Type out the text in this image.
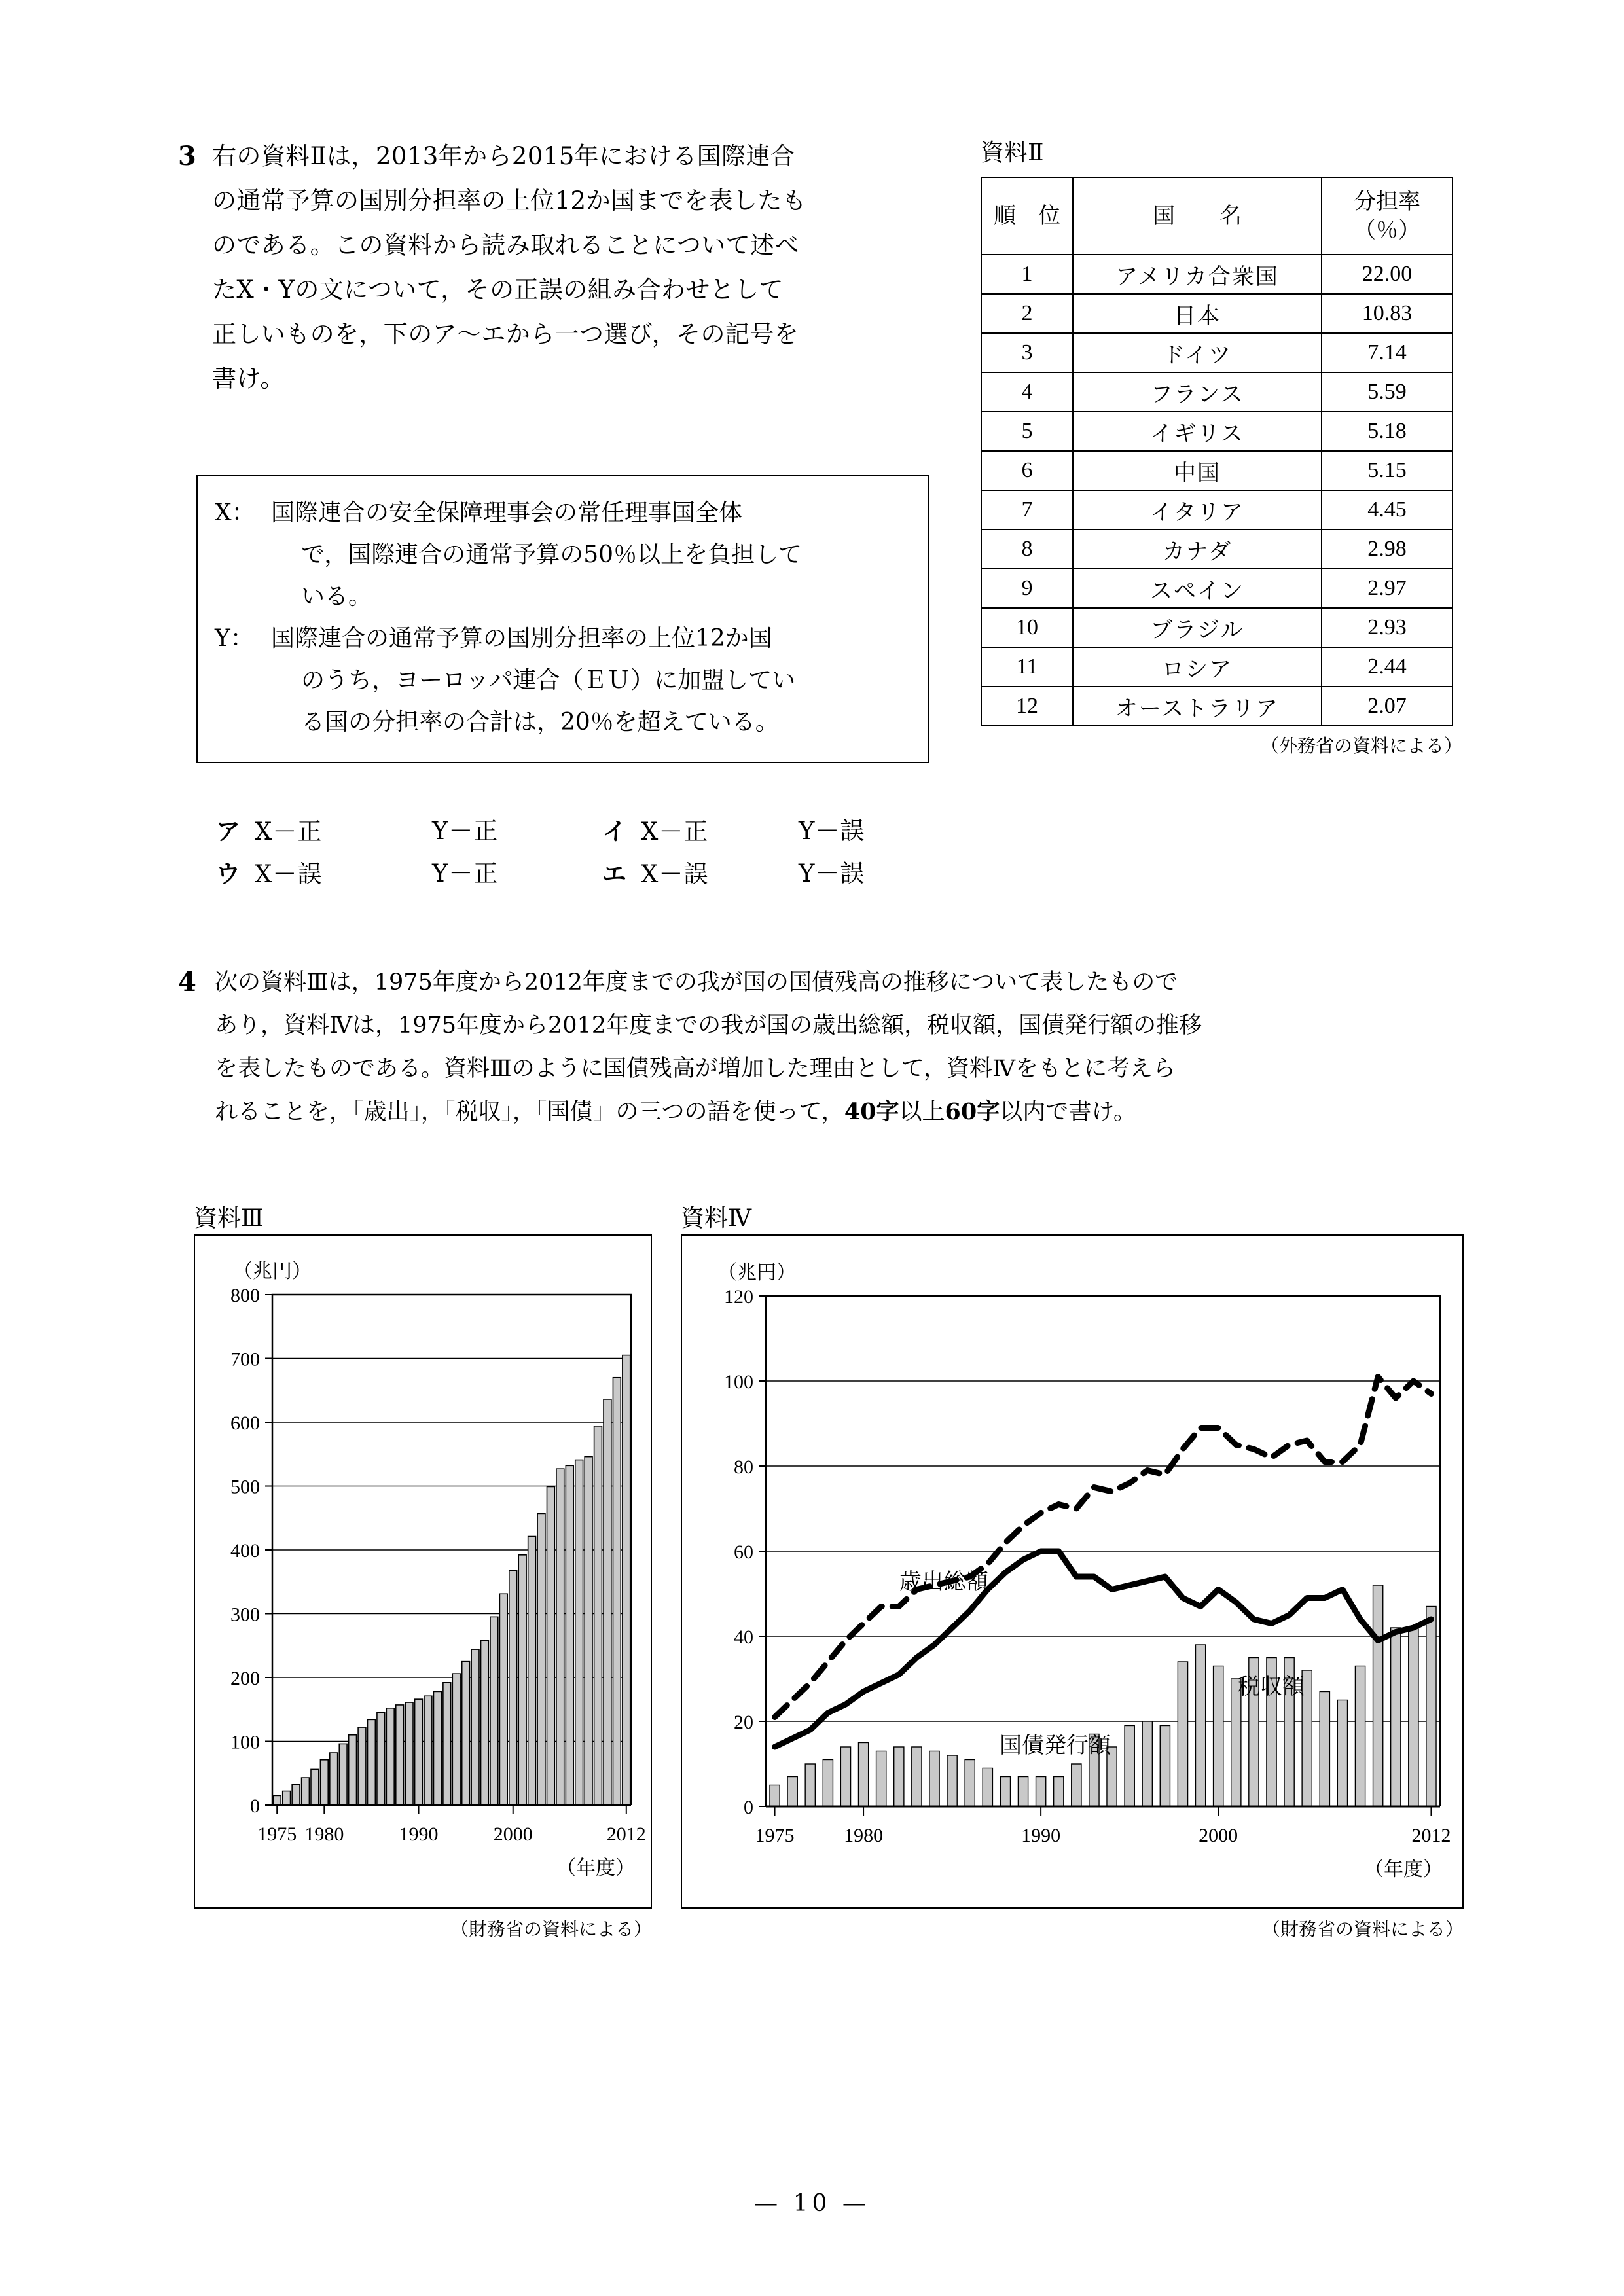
3 右の資料Ⅱは，2013年から2015年における国際連合
の通常予算の国別分担率の上位12か国までを表したも
のである。この資料から読み取れることについて述べ
たX・Yの文について，その正誤の組み合わせとして
正しいものを，下のア〜エから一つ選び，その記号を
書け。
X： 国際連合の安全保障理事会の常任理事国全体
で，国際連合の通常予算の50％以上を負担して
いる。
Y： 国際連合の通常予算の国別分担率の上位12か国
のうち，ヨーロッパ連合（ＥＵ）に加盟してい
る国の分担率の合計は，20％を超えている。
ア X－正	Y－正	イ X－正	Y－誤
ウ X－誤	Y－正	エ X－誤	Y－誤
資料Ⅱ
順　位	国　　名	分担率
（％）

1	アメリカ合衆国	22.00
2	日本	10.83
3	ドイツ	7.14
4	フランス	5.59
5	イギリス	5.18
6	中国	5.15
7	イタリア	4.45
8	カナダ	2.98
9	スペイン	2.97
10	ブラジル	2.93
11	ロシア	2.44
12	オーストラリア	2.07
（外務省の資料による）
4 次の資料Ⅲは，1975年度から2012年度までの我が国の国債残高の推移について表したもので
あり，資料Ⅳは，1975年度から2012年度までの我が国の歳出総額，税収額，国債発行額の推移
を表したものである。資料Ⅲのように国債残高が増加した理由として，資料Ⅳをもとに考えら
れることを，「歳出」，「税収」，「国債」の三つの語を使って，40字以上60字以内で書け。
資料Ⅲ
（兆円）
0
100
200
300
400
500
600
700
800
1975 1980	1990	2000	2012
（年度）
（財務省の資料による）
資料Ⅳ
（兆円）
0
20
40
60
80
100
120
1975	1980	1990	2000	2012
（年度）
歳出総額
税収額
国債発行額
（財務省の資料による）
— 10 —
